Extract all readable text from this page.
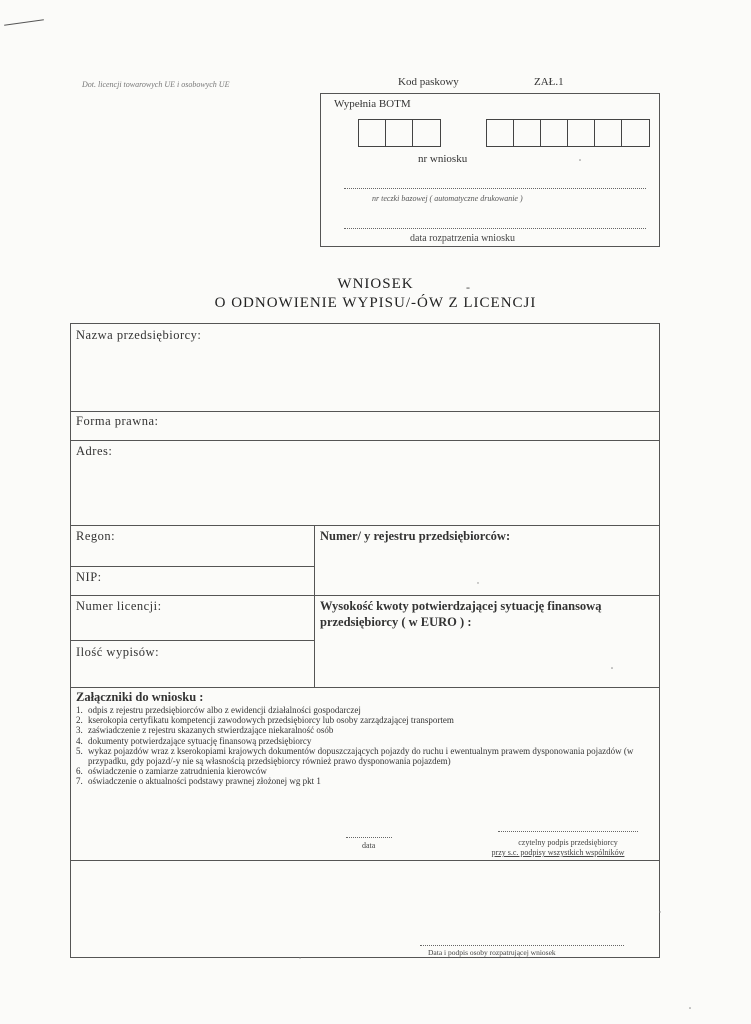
Dot. licencji towarowych UE i osobowych UE	Kod paskowy	ZAŁ.1
Wypełnia BOTM
nr wniosku
nr teczki bazowej ( automatyczne drukowanie )
data rozpatrzenia wniosku
WNIOSEK	-
O ODNOWIENIE WYPISU/-ÓW Z LICENCJI
Nazwa przedsiębiorcy:
Forma prawna:
Adres:
Regon:	Numer/ y rejestru przedsiębiorców:
NIP:
Numer licencji:	Wysokość kwoty potwierdzającej sytuację finansową przedsiębiorcy ( w EURO ) :
Ilość wypisów:
Załączniki do wniosku :
1. odpis z rejestru przedsiębiorców albo z ewidencji działalności gospodarczej
2. kserokopia certyfikatu kompetencji zawodowych przedsiębiorcy lub osoby zarządzającej transportem
3. zaświadczenie z rejestru skazanych stwierdzające niekaralność osób
4. dokumenty potwierdzające sytuację finansową przedsiębiorcy
5. wykaz pojazdów wraz z kserokopiami krajowych dokumentów dopuszczających pojazdy do ruchu i ewentualnym prawem dysponowania pojazdów (w przypadku, gdy pojazd/-y nie są własnością przedsiębiorcy również prawo dysponowania pojazdem)
6. oświadczenie o zamiarze zatrudnienia kierowców
7. oświadczenie o aktualności podstawy prawnej złożonej wg pkt 1
data	czytelny podpis przedsiębiorcy
przy s.c. podpisy wszystkich wspólników
Data i podpis osoby rozpatrującej wniosek
